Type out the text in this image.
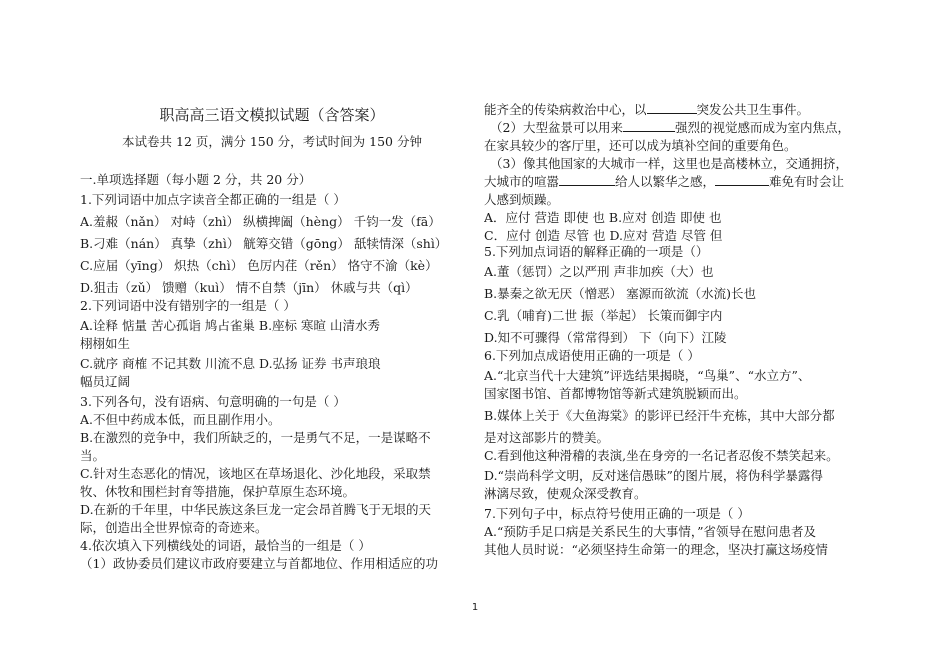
职高高三语文模拟试题（含答案）
本试卷共 12 页，满分 150 分，考试时间为 150 分钟
一.单项选择题（每小题 2 分，共 20 分）
1.下列词语中加点字读音全都正确的一组是（ ）
A.羞赧（nǎn） 对峙（zhì） 纵横捭阖（hèng） 千钧一发（fā）
B.刁难（nán） 真挚（zhì） 觥筹交错（gōng） 舐犊情深（shì）
C.应届（yīng） 炽热（chì） 色厉内荏（rěn） 恪守不渝（kè）
D.狙击（zǔ） 馈赠（kuì） 情不自禁（jīn） 休戚与共（qì）
2.下列词语中没有错别字的一组是（ ）
A.诠释 惦量 苦心孤诣 鸠占雀巢 B.座标 寒暄 山清水秀
栩栩如生
C.就序 商榷 不记其数 川流不息 D.弘扬 证券 书声琅琅
幅员辽阔
3.下列各句，没有语病、句意明确的一句是（ ）
A.不但中药成本低，而且副作用小。
B.在激烈的竞争中，我们所缺乏的，一是勇气不足，一是谋略不
当。
C.针对生态恶化的情况，该地区在草场退化、沙化地段，采取禁
牧、休牧和围栏封育等措施，保护草原生态环境。
D.在新的千年里，中华民族这条巨龙一定会昂首腾飞于无垠的天
际，创造出全世界惊奇的奇迹来。
4.依次填入下列横线处的词语，最恰当的一组是（ ）
（1）政协委员们建议市政府要建立与首都地位、作用相适应的功
能齐全的传染病救治中心，以	突发公共卫生事件。
（2）大型盆景可以用来	强烈的视觉感而成为室内焦点，
在家具较少的客厅里，还可以成为填补空间的重要角色。
（3）像其他国家的大城市一样，这里也是高楼林立，交通拥挤，
大城市的喧嚣	给人以繁华之感，	难免有时会让
人感到烦躁。
A．应付 营造 即使 也 B.应对 创造 即使 也
C．应付 创造 尽管 也 D.应对 营造 尽管 但
5.下列加点词语的解释正确的一项是（）
A.董（惩罚）之以严刑 声非加疾（大）也
B.暴秦之欲无厌（憎恶） 塞源而欲流（水流)长也
C.乳（哺育)二世 振（举起） 长策而御宇内
D.知不可骤得（常常得到） 下（向下）江陵
6.下列加点成语使用正确的一项是（ ）
A.“北京当代十大建筑”评选结果揭晓，“鸟巢”、“水立方”、
国家图书馆、首都博物馆等新式建筑脱颖而出。
B.媒体上关于《大鱼海棠》的影评已经汗牛充栋，其中大部分都
是对这部影片的赞美。
C.看到他这种滑稽的表演,坐在身旁的一名记者忍俊不禁笑起来。
D.“崇尚科学文明，反对迷信愚昧”的图片展，将伪科学暴露得
淋漓尽致，使观众深受教育。
7.下列句子中，标点符号使用正确的一项是（ ）
A.“预防手足口病是关系民生的大事情，”省领导在慰问患者及
其他人员时说：“必须坚持生命第一的理念，坚决打赢这场疫情
1
